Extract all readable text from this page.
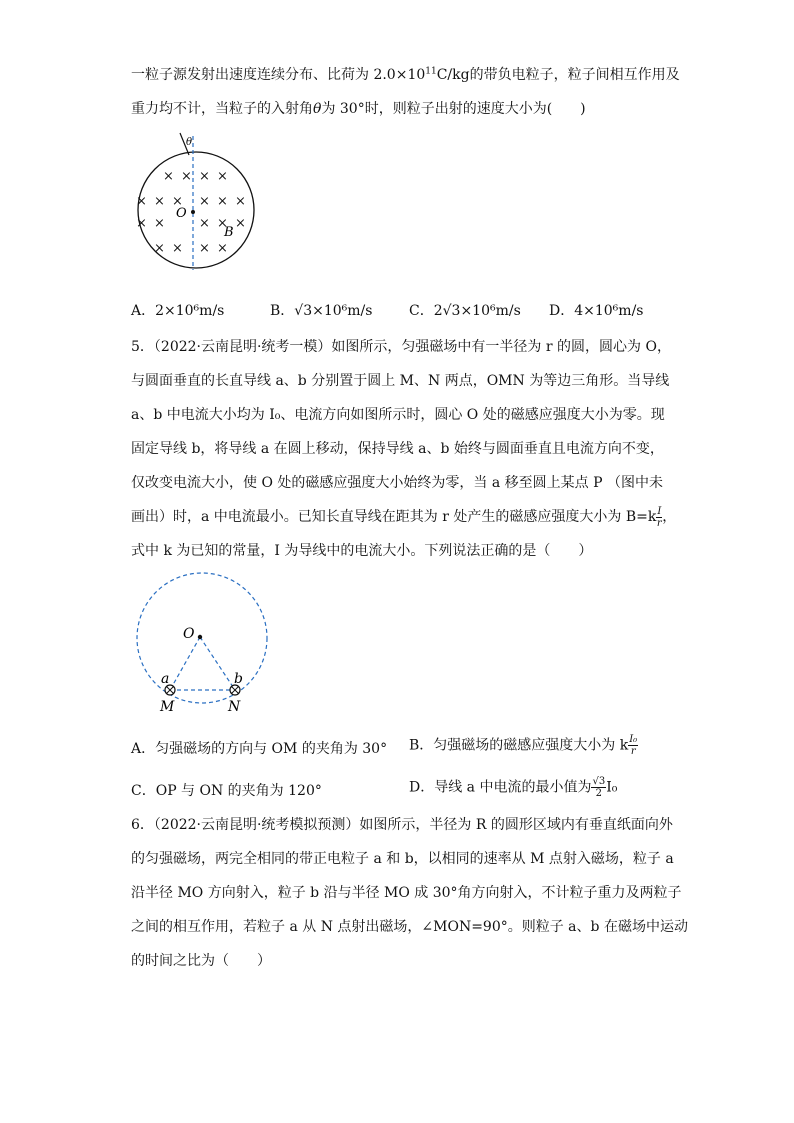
一粒子源发射出速度连续分布、比荷为 $2.0\times 10^{11}C/kg$的带负电粒子，粒子间相互作用及
重力均不计，当粒子的入射角θ为 30°时，则粒子出射的速度大小为(　　)
θ
× × × ×
× × × × × ×
× ×	× × ×
× × × ×
O
B
A．2×10⁶m/s	B．√3×10⁶m/s	C．2√3×10⁶m/s D．4×10⁶m/s
5．（2022·云南昆明·统考一模）如图所示，匀强磁场中有一半径为 r 的圆，圆心为 O，
与圆面垂直的长直导线 a、b 分别置于圆上 M、N 两点，OMN 为等边三角形。当导线
a、b 中电流大小均为 I₀、电流方向如图所示时，圆心 O 处的磁感应强度大小为零。现
固定导线 b，将导线 a 在圆上移动，保持导线 a、b 始终与圆面垂直且电流方向不变，
仅改变电流大小，使 O 处的磁感应强度大小始终为零，当 a 移至圆上某点 P （图中未
画出）时，a 中电流最小。已知长直导线在距其为 r 处产生的磁感应强度大小为 $B=k \frac{I}{r}$ ，
式中 k 为已知的常量，I 为导线中的电流大小。下列说法正确的是（　　）
O
a	b
M	N
A．匀强磁场的方向与 OM 的夹角为 30° B．匀强磁场的磁感应强度大小为 k $\frac{\text{I₀}}{r}$
C．OP 与 ON 的夹角为 120°	D．导线 a 中电流的最小值为 $\frac{√3}{2} I_0$
6．（2022·云南昆明·统考模拟预测）如图所示，半径为 R 的圆形区域内有垂直纸面向外
的匀强磁场，两完全相同的带正电粒子 a 和 b，以相同的速率从 M 点射入磁场，粒子 a
沿半径 MO 方向射入，粒子 b 沿与半径 MO 成 30°角方向射入，不计粒子重力及两粒子
之间的相互作用，若粒子 a 从 N 点射出磁场，∠MON=90°。则粒子 a、b 在磁场中运动
的时间之比为（　　）
